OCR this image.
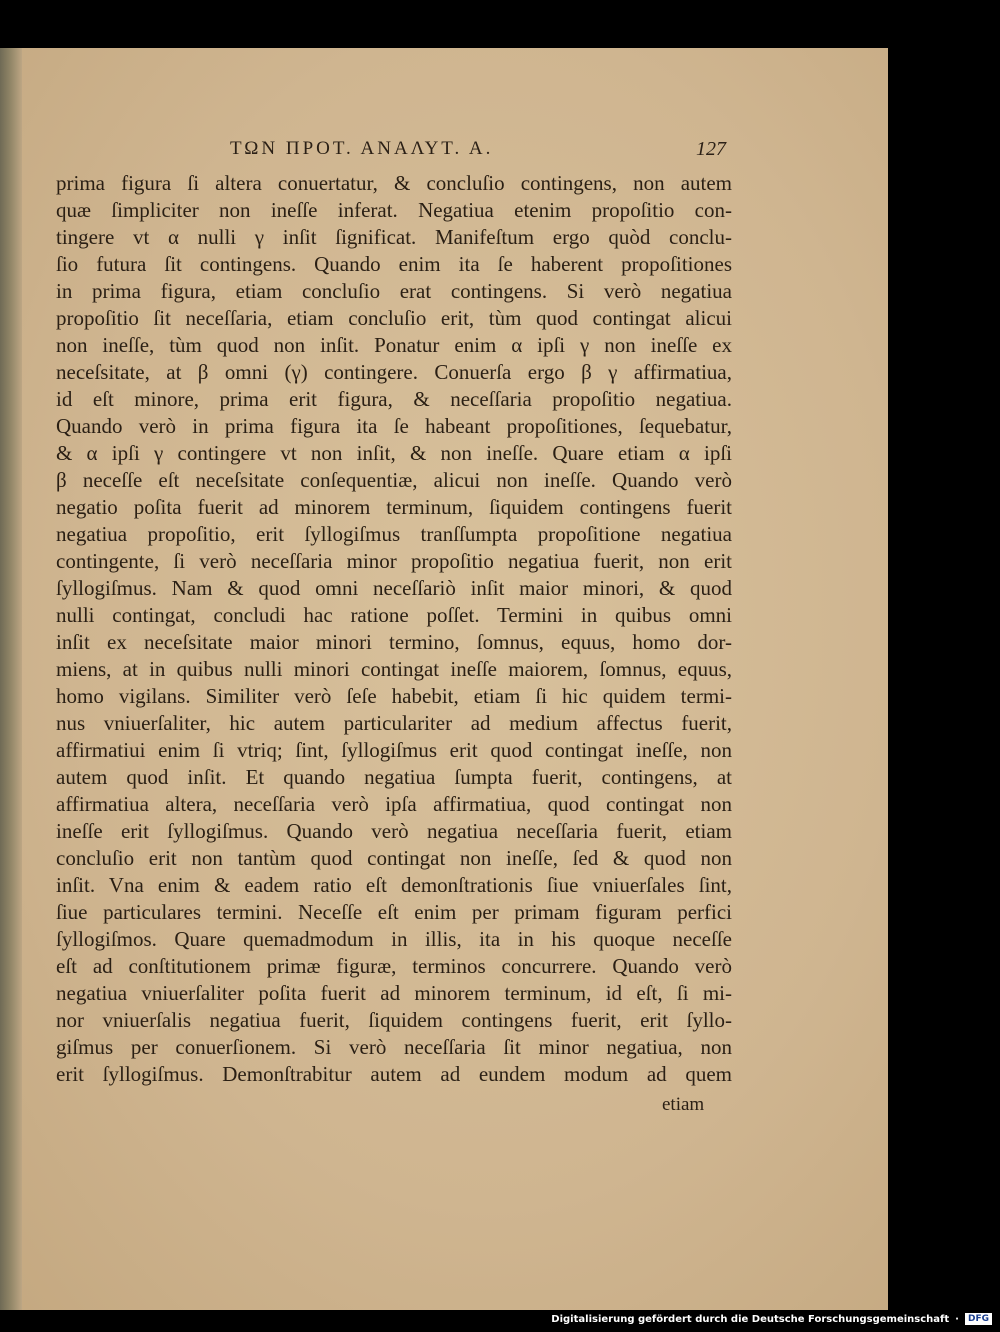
ΤΩΝ ΠΡΟΤ. ΑΝΑΛΥΤ. Α.	127
prima figura ſi altera conuertatur, & concluſio contingens, non autem
quæ ſimpliciter non ineſſe inferat. Negatiua etenim propoſitio con-
tingere vt α nulli γ inſit ſignificat. Manifeſtum ergo quòd conclu-
ſio futura ſit contingens. Quando enim ita ſe haberent propoſitiones
in prima figura, etiam concluſio erat contingens. Si verò negatiua
propoſitio ſit neceſſaria, etiam concluſio erit, tùm quod contingat alicui
non ineſſe, tùm quod non inſit. Ponatur enim α ipſi γ non ineſſe ex
neceſsitate, at β omni (γ) contingere. Conuerſa ergo β γ affirmatiua,
id eſt minore, prima erit figura, & neceſſaria propoſitio negatiua.
Quando verò in prima figura ita ſe habeant propoſitiones, ſequebatur,
& α ipſi γ contingere vt non inſit, & non ineſſe. Quare etiam α ipſi
β neceſſe eſt neceſsitate conſequentiæ, alicui non ineſſe. Quando verò
negatio poſita fuerit ad minorem terminum, ſiquidem contingens fuerit
negatiua propoſitio, erit ſyllogiſmus tranſſumpta propoſitione negatiua
contingente, ſi verò neceſſaria minor propoſitio negatiua fuerit, non erit
ſyllogiſmus. Nam & quod omni neceſſariò inſit maior minori, & quod
nulli contingat, concludi hac ratione poſſet. Termini in quibus omni
inſit ex neceſsitate maior minori termino, ſomnus, equus, homo dor-
miens, at in quibus nulli minori contingat ineſſe maiorem, ſomnus, equus,
homo vigilans. Similiter verò ſeſe habebit, etiam ſi hic quidem termi-
nus vniuerſaliter, hic autem particulariter ad medium affectus fuerit,
affirmatiui enim ſi vtriq; ſint, ſyllogiſmus erit quod contingat ineſſe, non
autem quod inſit. Et quando negatiua ſumpta fuerit, contingens, at
affirmatiua altera, neceſſaria verò ipſa affirmatiua, quod contingat non
ineſſe erit ſyllogiſmus. Quando verò negatiua neceſſaria fuerit, etiam
concluſio erit non tantùm quod contingat non ineſſe, ſed & quod non
inſit. Vna enim & eadem ratio eſt demonſtrationis ſiue vniuerſales ſint,
ſiue particulares termini. Neceſſe eſt enim per primam figuram perfici
ſyllogiſmos. Quare quemadmodum in illis, ita in his quoque neceſſe
eſt ad conſtitutionem primæ figuræ, terminos concurrere. Quando verò
negatiua vniuerſaliter poſita fuerit ad minorem terminum, id eſt, ſi mi-
nor vniuerſalis negatiua fuerit, ſiquidem contingens fuerit, erit ſyllo-
giſmus per conuerſionem. Si verò neceſſaria ſit minor negatiua, non
erit ſyllogiſmus. Demonſtrabitur autem ad eundem modum ad quem
etiam
Digitalisierung gefördert durch die Deutsche Forschungsgemeinschaft ·	DFG
